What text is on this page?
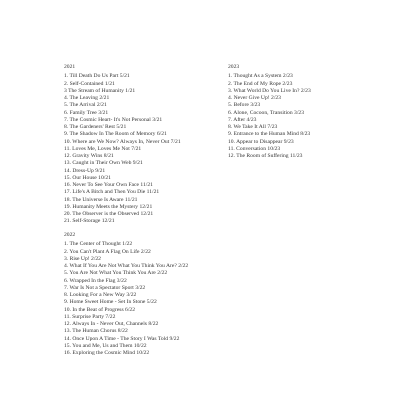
2021
1. Till Death Do Us Part 5/21
2. Self-Contained 1/21
3 The Stream of Humanity 1/21
4. The Leaving 2/21
5. The Arrival 2/21
6. Family Tree 3/21
7. The Cosmic Heart- It's Not Personal 3/21
8. The Gardeners' Rest 5/21
9. The Shadow In The Room of Memory 6/21
10. Where are We Now? Always In, Never Out 7/21
11. Loves Me, Loves Me Not 7/21
12. Gravity Wins 8/21
13. Caught in Their Own Web 9/21
14. Dress-Up 9/21
15. Our House 10/21
16. Never To See Your Own Face 11/21
17. Life's A Bitch and Then You Die 11/21
18. The Universe Is Aware 11/21
19. Humanity Meets the Mystery 12/21
20. The Observer is the Observed 12/21
21. Self-Storage 12/21
2022
1. The Center of Thought 1/22
2. You Can't Plant A Flag On Life 2/22
3. Rise Up! 2/22
4. What If You Are Not What You Think You Are? 2/22
5. You Are Not What You Think You Are 2/22
6. Wrapped In the Flag 3/22
7. War Is Not a Spectator Sport 3/22
8. Looking For a New Way 3/22
9. Home Sweet Home - Set In Stone 5/22
10. In the Beat of Progress 6/22
11. Surprise Party 7/22
12. Always In - Never Out, Channels 8/22
13. The Human Chorus 8/22
14. Once Upon A Time - The Story I Was Told 9/22
15. You and Me, Us and Them 10/22
16. Exploring the Cosmic Mind 10/22
2023
1. Thought As a System 2/23
2. The End of My Rope 2/23
3. What World Do You Live In? 2/23
4. Never Give Up! 2/23
5. Before 3/23
6. Alone, Cocoon, Transition 3/23
7. After 4/23
8. We Take It All 7/23
9. Entrance to the Human Mind 8/23
10. Appear to Disappear 9/23
11. Conversation 10/23
12. The Room of Suffering 11/23
